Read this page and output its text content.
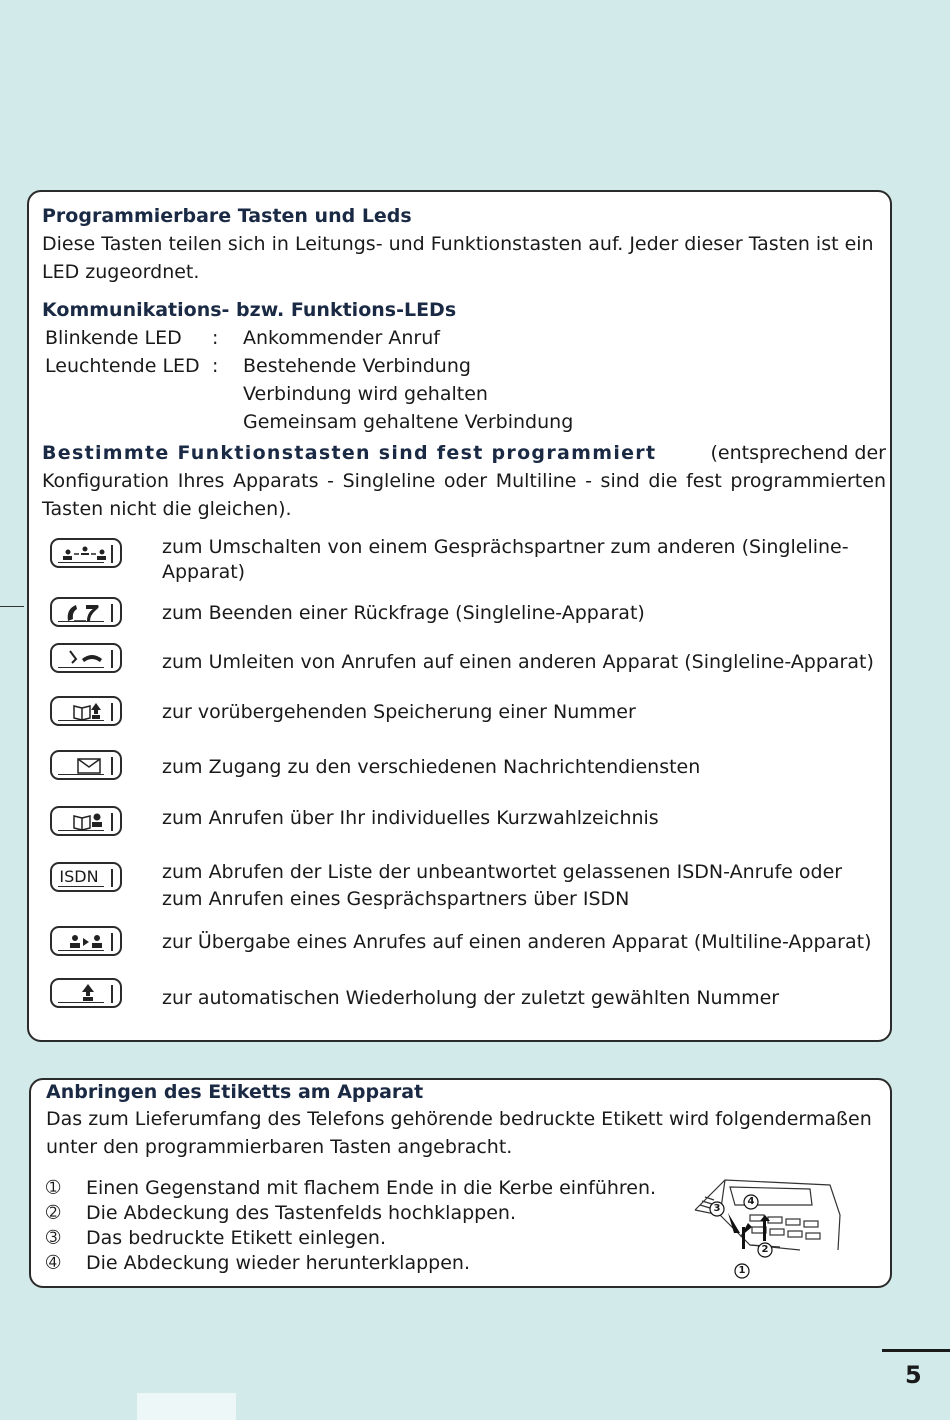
Programmierbare Tasten und Leds
Diese Tasten teilen sich in Leitungs- und Funktionstasten auf. Jeder dieser Tasten ist ein
LED zugeordnet.
Kommunikations- bzw. Funktions-LEDs
Blinkende LED : Ankommender Anruf
Leuchtende LED : Bestehende Verbindung
Verbindung wird gehalten
Gemeinsam gehaltene Verbindung
Bestimmte Funktionstasten sind fest programmiert	(entsprechend der
Konfiguration Ihres Apparats - Singleline oder Multiline - sind die fest programmierten
Tasten nicht die gleichen).
ISDN
zum Umschalten von einem Gesprächspartner zum anderen (Singleline-
Apparat)
zum Beenden einer Rückfrage (Singleline-Apparat)
zum Umleiten von Anrufen auf einen anderen Apparat (Singleline-Apparat)
zur vorübergehenden Speicherung einer Nummer
zum Zugang zu den verschiedenen Nachrichtendiensten
zum Anrufen über Ihr individuelles Kurzwahlzeichnis
zum Abrufen der Liste der unbeantwortet gelassenen ISDN-Anrufe oder
zum Anrufen eines Gesprächspartners über ISDN
zur Übergabe eines Anrufes auf einen anderen Apparat (Multiline-Apparat)
zur automatischen Wiederholung der zuletzt gewählten Nummer
Anbringen des Etiketts am Apparat
Das zum Lieferumfang des Telefons gehörende bedruckte Etikett wird folgendermaßen
unter den programmierbaren Tasten angebracht.
➀ Einen Gegenstand mit flachem Ende in die Kerbe einführen.
➁ Die Abdeckung des Tastenfelds hochklappen.
➂ Das bedruckte Etikett einlegen.
➃ Die Abdeckung wieder herunterklappen.	1
2
3
4
5
